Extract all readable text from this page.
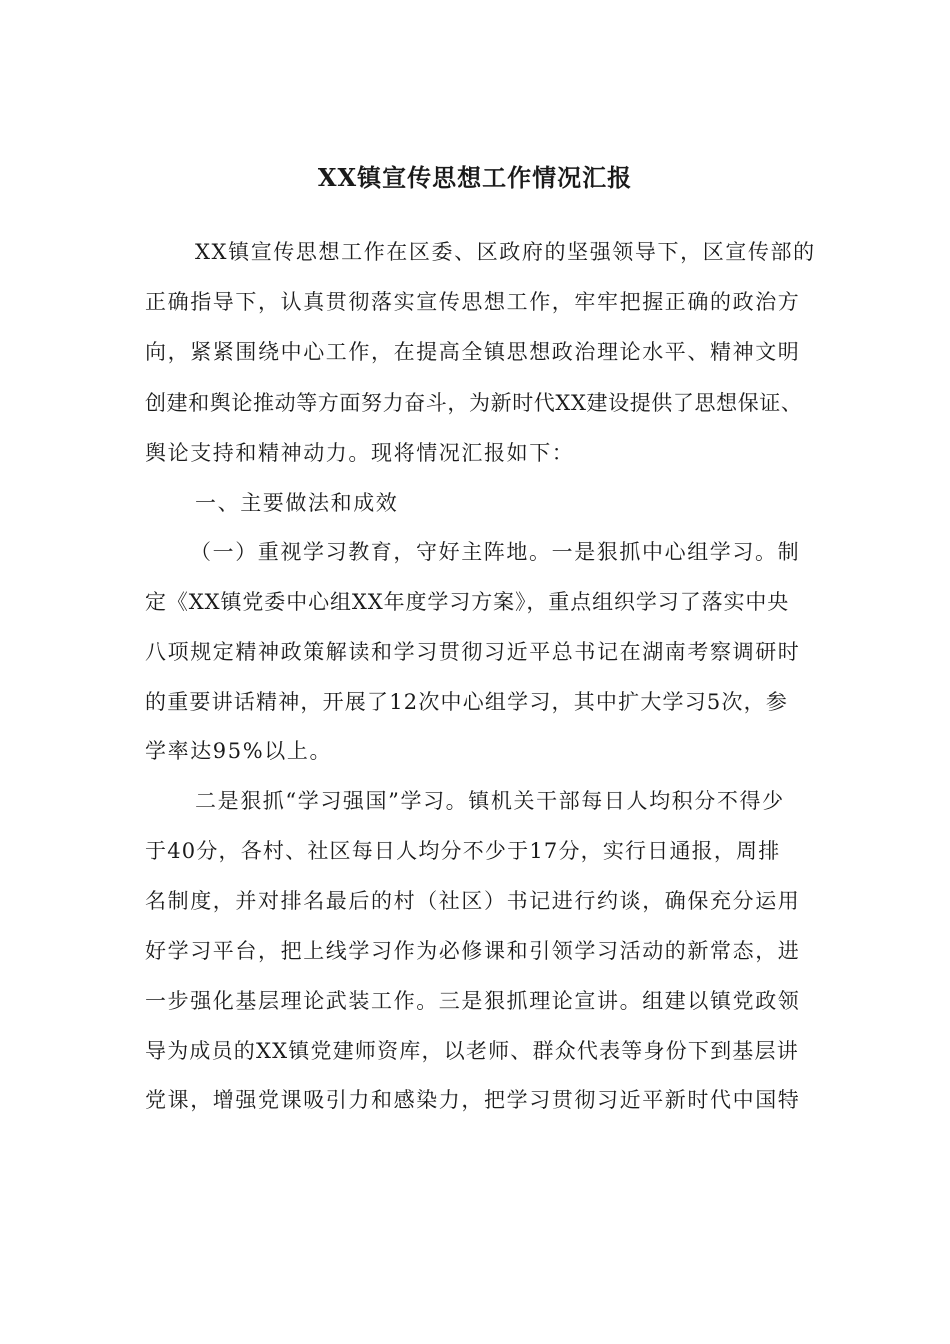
XX镇宣传思想工作情况汇报
XX镇宣传思想工作在区委、区政府的坚强领导下，区宣传部的
正确指导下，认真贯彻落实宣传思想工作，牢牢把握正确的政治方
向，紧紧围绕中心工作，在提高全镇思想政治理论水平、精神文明
创建和舆论推动等方面努力奋斗，为新时代XX建设提供了思想保证、
舆论支持和精神动力。现将情况汇报如下：
一、主要做法和成效
（一）重视学习教育，守好主阵地。一是狠抓中心组学习。制
定《XX镇党委中心组XX年度学习方案》，重点组织学习了落实中央
八项规定精神政策解读和学习贯彻习近平总书记在湖南考察调研时
的重要讲话精神，开展了12次中心组学习，其中扩大学习5次，参
学率达95%以上。
二是狠抓“学习强国”学习。镇机关干部每日人均积分不得少
于40分，各村、社区每日人均分不少于17分，实行日通报，周排
名制度，并对排名最后的村（社区）书记进行约谈，确保充分运用
好学习平台，把上线学习作为必修课和引领学习活动的新常态，进
一步强化基层理论武装工作。三是狠抓理论宣讲。组建以镇党政领
导为成员的XX镇党建师资库，以老师、群众代表等身份下到基层讲
党课，增强党课吸引力和感染力，把学习贯彻习近平新时代中国特
